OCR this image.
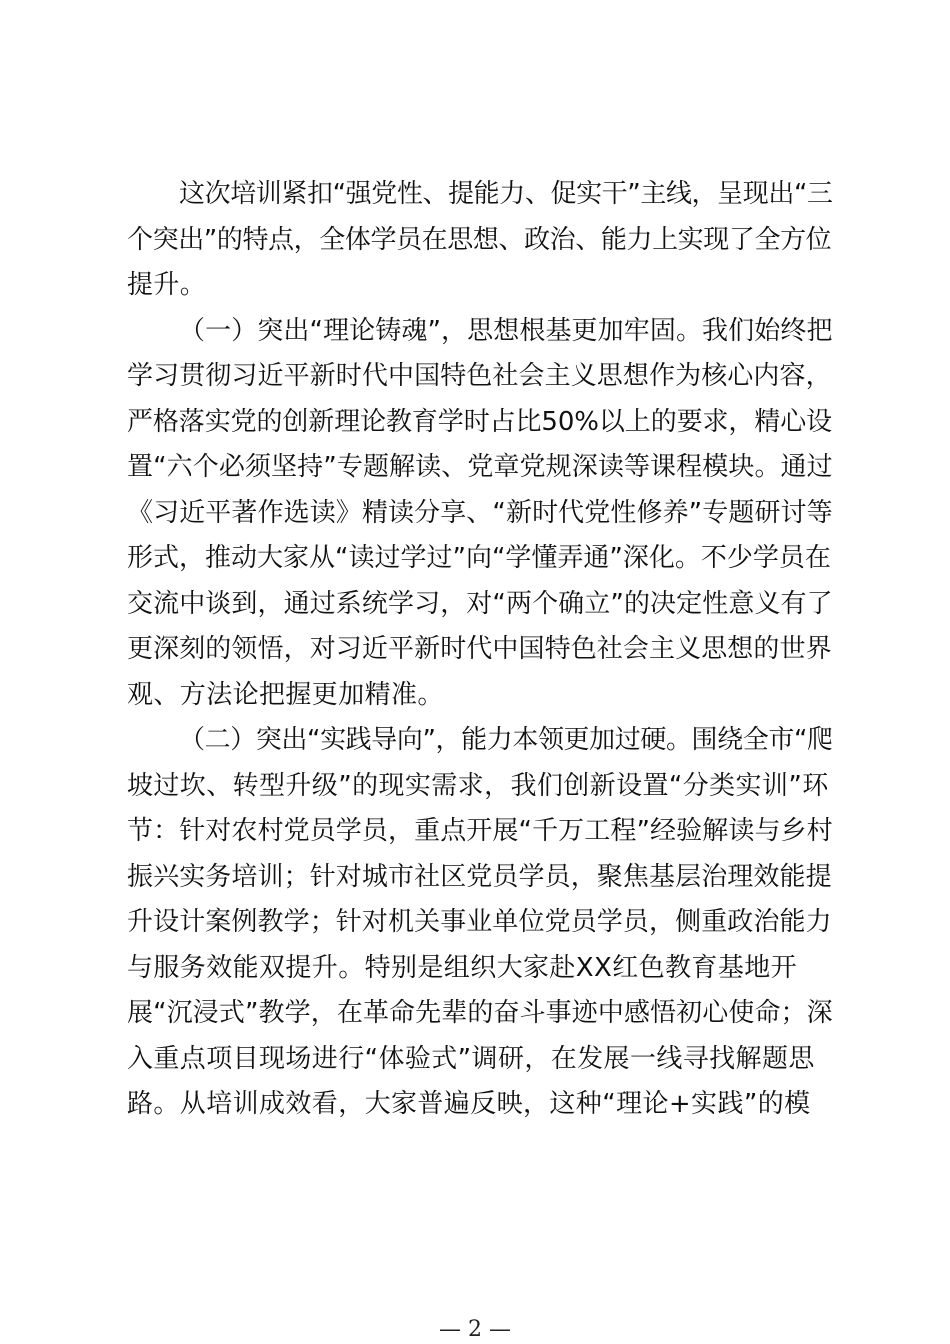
这次培训紧扣“强党性、提能力、促实干”主线，呈现出“三
个突出”的特点，全体学员在思想、政治、能力上实现了全方位
提升。
（一）突出“理论铸魂”，思想根基更加牢固。我们始终把
学习贯彻习近平新时代中国特色社会主义思想作为核心内容，
严格落实党的创新理论教育学时占比50%以上的要求，精心设
置“六个必须坚持”专题解读、党章党规深读等课程模块。通过
《习近平著作选读》精读分享、“新时代党性修养”专题研讨等
形式，推动大家从“读过学过”向“学懂弄通”深化。不少学员在
交流中谈到，通过系统学习，对“两个确立”的决定性意义有了
更深刻的领悟，对习近平新时代中国特色社会主义思想的世界
观、方法论把握更加精准。
（二）突出“实践导向”，能力本领更加过硬。围绕全市“爬
坡过坎、转型升级”的现实需求，我们创新设置“分类实训”环
节：针对农村党员学员，重点开展“千万工程”经验解读与乡村
振兴实务培训；针对城市社区党员学员，聚焦基层治理效能提
升设计案例教学；针对机关事业单位党员学员，侧重政治能力
与服务效能双提升。特别是组织大家赴XX红色教育基地开
展“沉浸式”教学，在革命先辈的奋斗事迹中感悟初心使命；深
入重点项目现场进行“体验式”调研，在发展一线寻找解题思
路。从培训成效看，大家普遍反映，这种“理论+实践”的模
— 2 —
